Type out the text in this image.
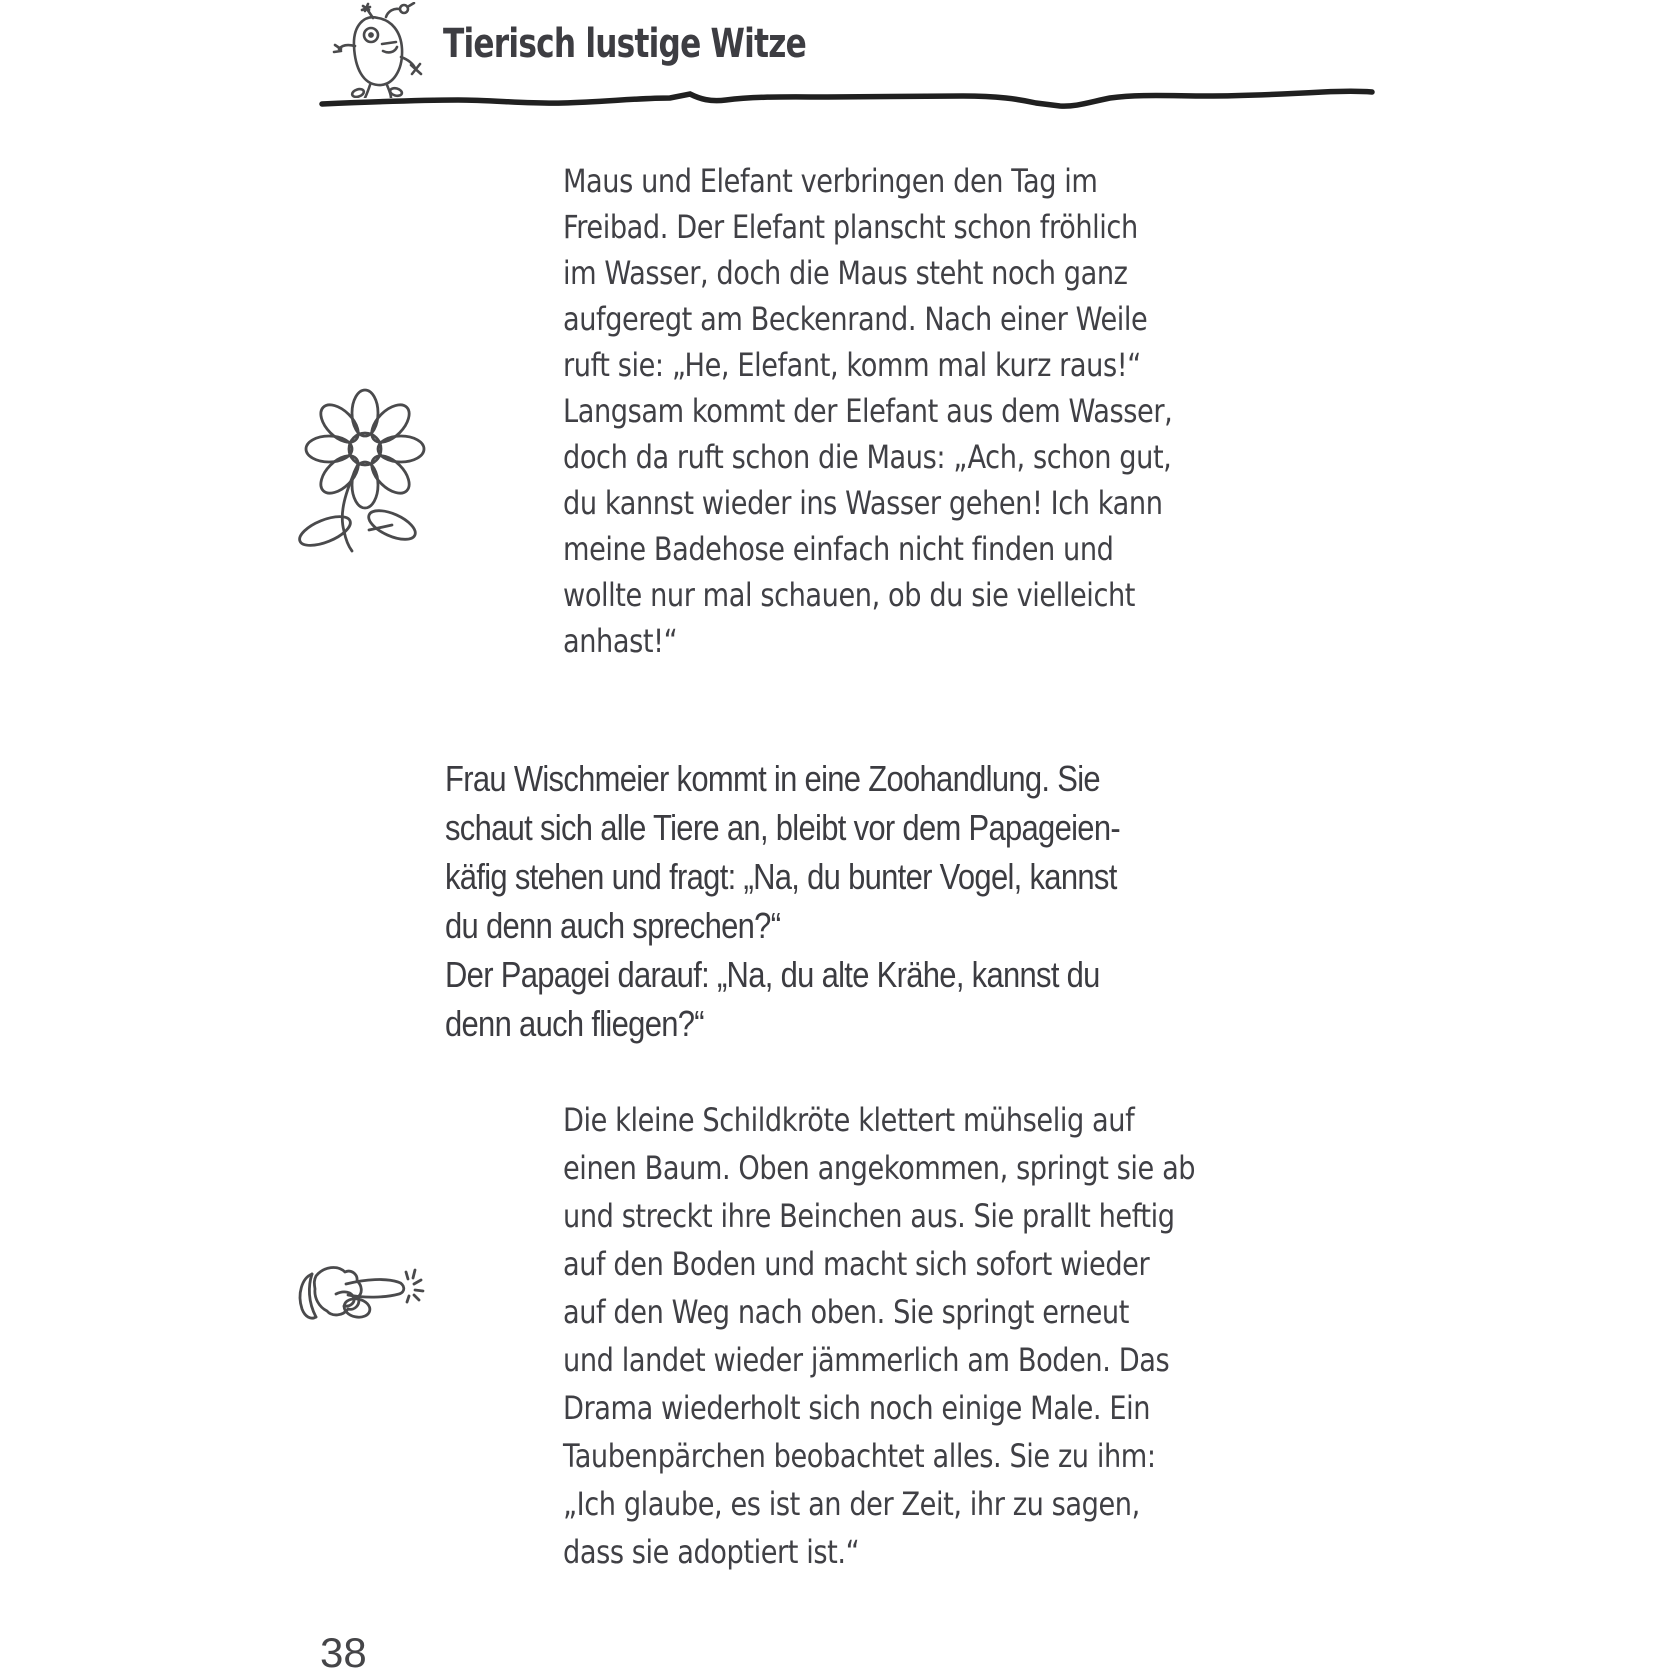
Tierisch lustige Witze
Maus und Elefant verbringen den Tag im
Freibad. Der Elefant planscht schon fröhlich
im Wasser, doch die Maus steht noch ganz
aufgeregt am Beckenrand. Nach einer Weile
ruft sie: „He, Elefant, komm mal kurz raus!“
Langsam kommt der Elefant aus dem Wasser,
doch da ruft schon die Maus: „Ach, schon gut,
du kannst wieder ins Wasser gehen! Ich kann
meine Badehose einfach nicht finden und
wollte nur mal schauen, ob du sie vielleicht
anhast!“
Frau Wischmeier kommt in eine Zoohandlung. Sie
schaut sich alle Tiere an, bleibt vor dem Papageien-
käfig stehen und fragt: „Na, du bunter Vogel, kannst
du denn auch sprechen?“
Der Papagei darauf: „Na, du alte Krähe, kannst du
denn auch fliegen?“
Die kleine Schildkröte klettert mühselig auf
einen Baum. Oben angekommen, springt sie ab
und streckt ihre Beinchen aus. Sie prallt heftig
auf den Boden und macht sich sofort wieder
auf den Weg nach oben. Sie springt erneut
und landet wieder jämmerlich am Boden. Das
Drama wiederholt sich noch einige Male. Ein
Taubenpärchen beobachtet alles. Sie zu ihm:
„Ich glaube, es ist an der Zeit, ihr zu sagen,
dass sie adoptiert ist.“
38
